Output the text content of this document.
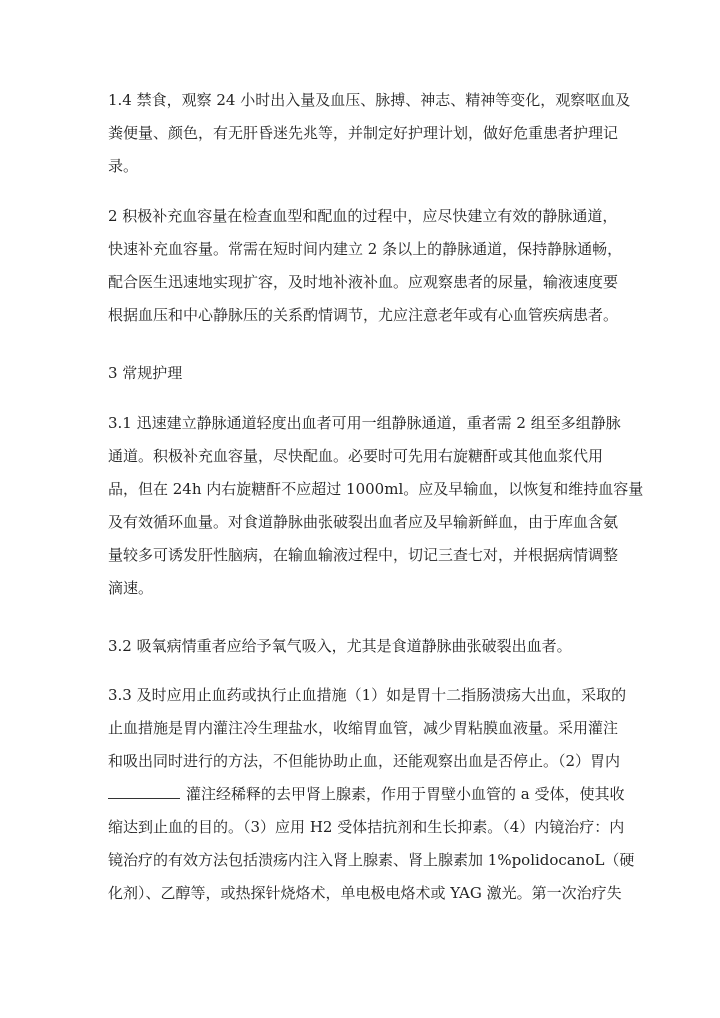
1.4 禁食，观察 24 小时出入量及血压、脉搏、神志、精神等变化，观察呕血及
粪便量、颜色，有无肝昏迷先兆等，并制定好护理计划，做好危重患者护理记
录。
2 积极补充血容量在检查血型和配血的过程中，应尽快建立有效的静脉通道，
快速补充血容量。常需在短时间内建立 2 条以上的静脉通道，保持静脉通畅，
配合医生迅速地实现扩容，及时地补液补血。应观察患者的尿量，输液速度要
根据血压和中心静脉压的关系酌情调节，尤应注意老年或有心血管疾病患者。
3 常规护理
3.1 迅速建立静脉通道轻度出血者可用一组静脉通道，重者需 2 组至多组静脉
通道。积极补充血容量，尽快配血。必要时可先用右旋糖酐或其他血浆代用
品，但在 24h 内右旋糖酐不应超过 1000ml。应及早输血，以恢复和维持血容量
及有效循环血量。对食道静脉曲张破裂出血者应及早输新鲜血，由于库血含氨
量较多可诱发肝性脑病，在输血输液过程中，切记三查七对，并根据病情调整
滴速。
3.2 吸氧病情重者应给予氧气吸入，尤其是食道静脉曲张破裂出血者。
3.3 及时应用止血药或执行止血措施（1）如是胃十二指肠溃疡大出血，采取的
止血措施是胃内灌注冷生理盐水，收缩胃血管，减少胃粘膜血液量。采用灌注
和吸出同时进行的方法，不但能协助止血，还能观察出血是否停止。（2）胃内
灌注经稀释的去甲肾上腺素，作用于胃壁小血管的 a 受体，使其收
缩达到止血的目的。（3）应用 H2 受体拮抗剂和生长抑素。（4）内镜治疗：内
镜治疗的有效方法包括溃疡内注入肾上腺素、肾上腺素加 1%polidocanoL（硬
化剂）、乙醇等，或热探针烧烙术，单电极电烙术或 YAG 激光。第一次治疗失
